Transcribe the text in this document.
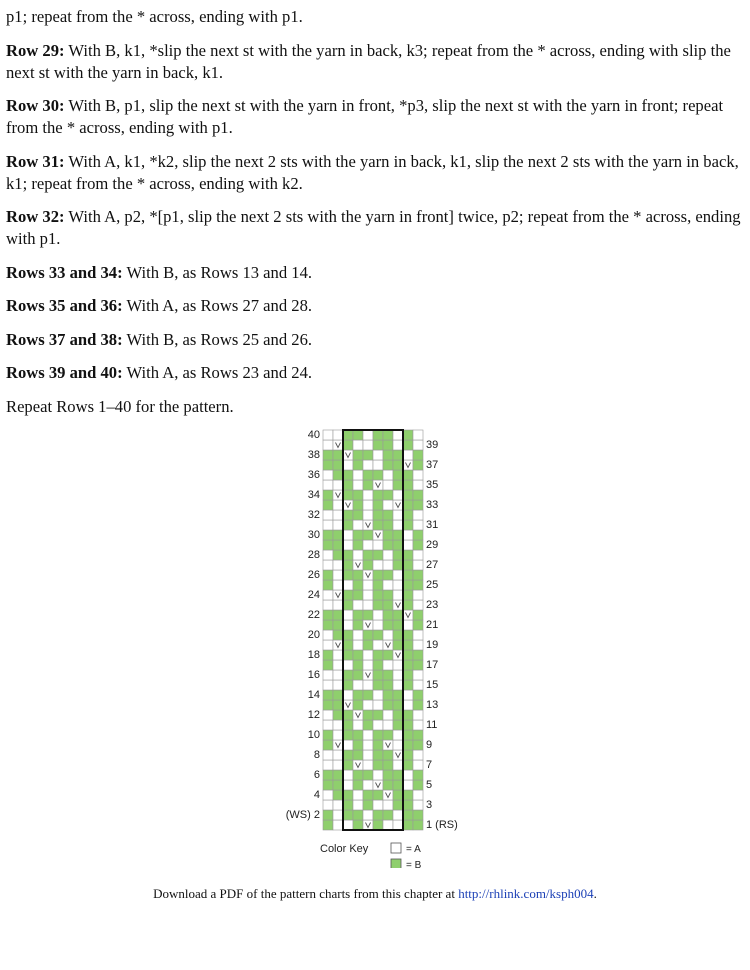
p1; repeat from the * across, ending with p1.

Row 29: With B, k1, *slip the next st with the yarn in back, k3; repeat from the * across, ending with slip the next st with the yarn in back, k1.

Row 30: With B, p1, slip the next st with the yarn in front, *p3, slip the next st with the yarn in front; repeat from the * across, ending with p1.

Row 31: With A, k1, *k2, slip the next 2 sts with the yarn in back, k1, slip the next 2 sts with the yarn in back, k1; repeat from the * across, ending with k2.

Row 32: With A, p2, *[p1, slip the next 2 sts with the yarn in front] twice, p2; repeat from the * across, ending with p1.

Rows 33 and 34: With B, as Rows 13 and 14.

Rows 35 and 36: With A, as Rows 27 and 28.

Rows 37 and 38: With B, as Rows 25 and 26.

Rows 39 and 40: With A, as Rows 23 and 24.

Repeat Rows 1–40 for the pattern.

40
38
36
34
32
30
28
26
24
22
20
18
16
14
12
10
8
6
4
39
37
35
33
31
29
27
25
23
21
19
17
15
13
11
9
7
5
3
(WS) 2
1 (RS)
Color Key	= A
= B
Download a PDF of the pattern charts from this chapter at http://rhlink.com/ksph004.
